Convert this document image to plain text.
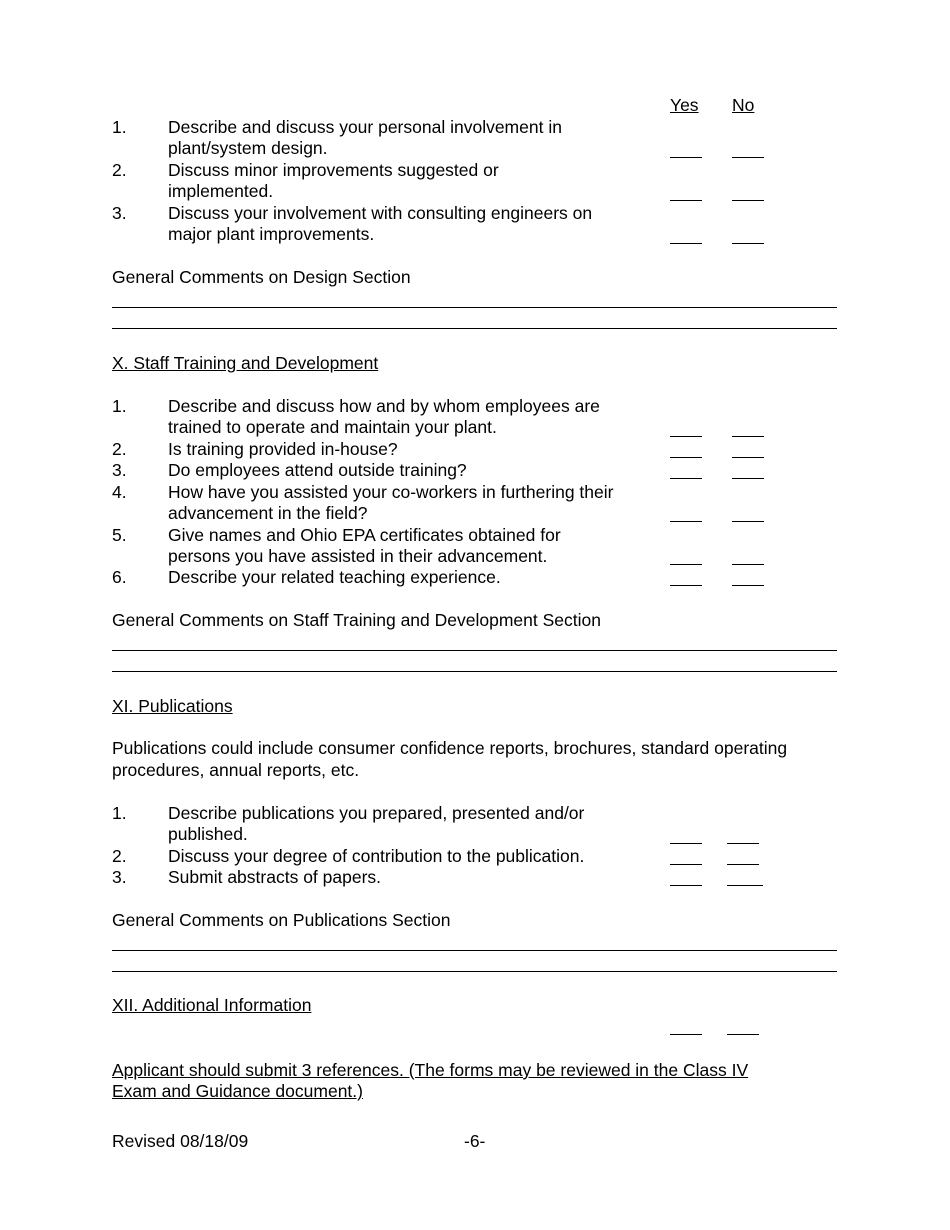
Yes No
1. Describe and discuss your personal involvement in
plant/system design.
2. Discuss minor improvements suggested or
implemented.
3. Discuss your involvement with consulting engineers on
major plant improvements.
General Comments on Design Section
X. Staff Training and Development
1. Describe and discuss how and by whom employees are
trained to operate and maintain your plant.
2. Is training provided in-house?
3. Do employees attend outside training?
4. How have you assisted your co-workers in furthering their
advancement in the field?
5. Give names and Ohio EPA certificates obtained for
persons you have assisted in their advancement.
6. Describe your related teaching experience.
General Comments on Staff Training and Development Section
XI. Publications
Publications could include consumer confidence reports, brochures, standard operating
procedures, annual reports, etc.
1. Describe publications you prepared, presented and/or
published.
2. Discuss your degree of contribution to the publication.
3. Submit abstracts of papers.
General Comments on Publications Section
XII. Additional Information
Applicant should submit 3 references. (The forms may be reviewed in the Class IV
Exam and Guidance document.)
Revised 08/18/09	-6-
